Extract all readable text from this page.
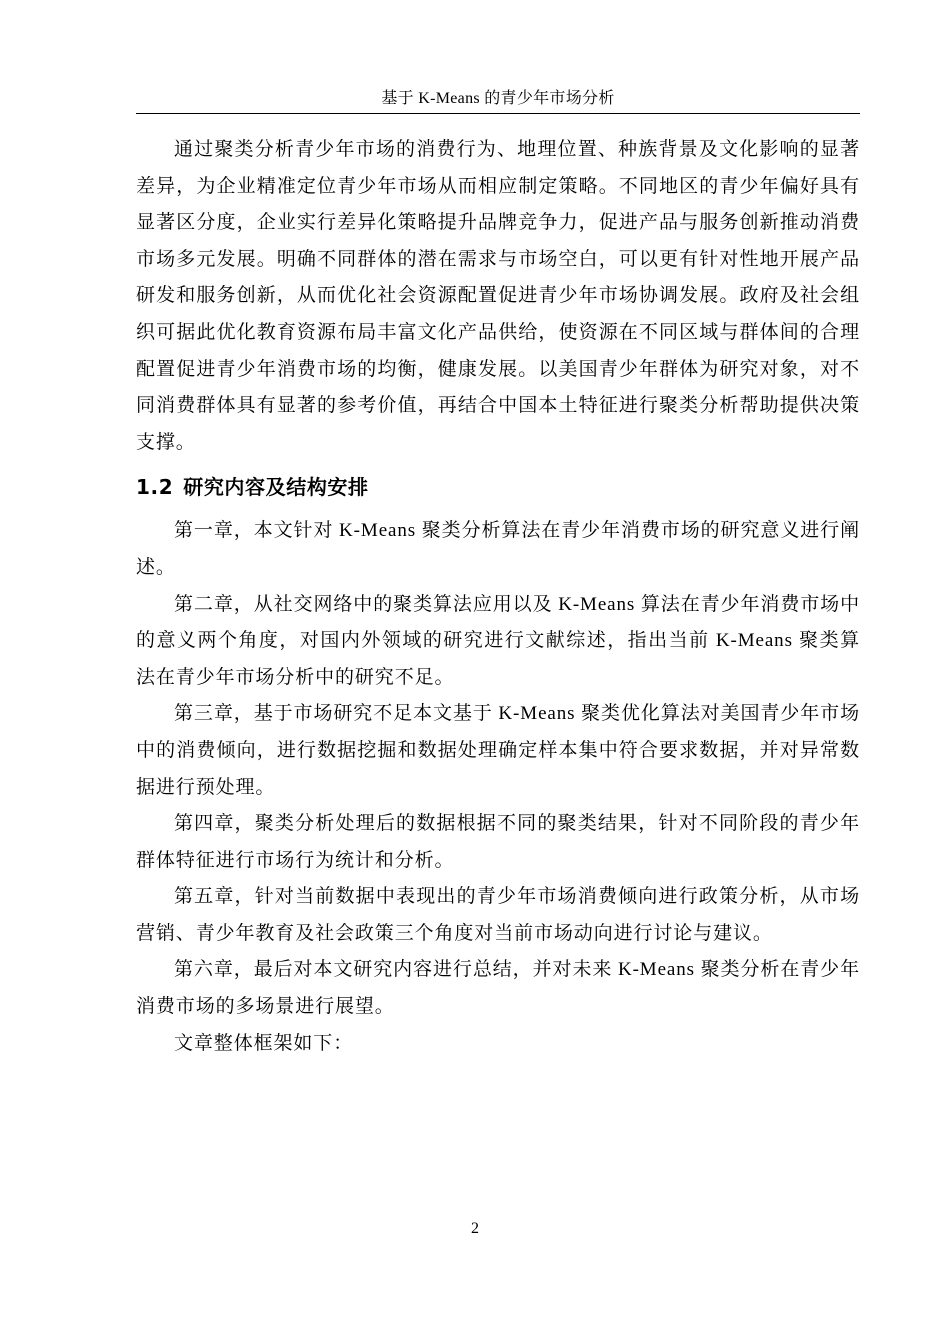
基于 K-Means 的青少年市场分析

通过聚类分析青少年市场的消费行为、地理位置、种族背景及文化影响的显著差异，为企业精准定位青少年市场从而相应制定策略。不同地区的青少年偏好具有显著区分度，企业实行差异化策略提升品牌竞争力，促进产品与服务创新推动消费市场多元发展。明确不同群体的潜在需求与市场空白，可以更有针对性地开展产品研发和服务创新，从而优化社会资源配置促进青少年市场协调发展。政府及社会组织可据此优化教育资源布局丰富文化产品供给，使资源在不同区域与群体间的合理配置促进青少年消费市场的均衡，健康发展。以美国青少年群体为研究对象，对不同消费群体具有显著的参考价值，再结合中国本土特征进行聚类分析帮助提供决策支撑。

1.2 研究内容及结构安排

第一章，本文针对 K-Means 聚类分析算法在青少年消费市场的研究意义进行阐述。

第二章，从社交网络中的聚类算法应用以及 K-Means 算法在青少年消费市场中的意义两个角度，对国内外领域的研究进行文献综述，指出当前 K-Means 聚类算法在青少年市场分析中的研究不足。

第三章，基于市场研究不足本文基于 K-Means 聚类优化算法对美国青少年市场中的消费倾向，进行数据挖掘和数据处理确定样本集中符合要求数据，并对异常数据进行预处理。

第四章，聚类分析处理后的数据根据不同的聚类结果，针对不同阶段的青少年群体特征进行市场行为统计和分析。

第五章，针对当前数据中表现出的青少年市场消费倾向进行政策分析，从市场营销、青少年教育及社会政策三个角度对当前市场动向进行讨论与建议。

第六章，最后对本文研究内容进行总结，并对未来 K-Means 聚类分析在青少年消费市场的多场景进行展望。

文章整体框架如下：

2
